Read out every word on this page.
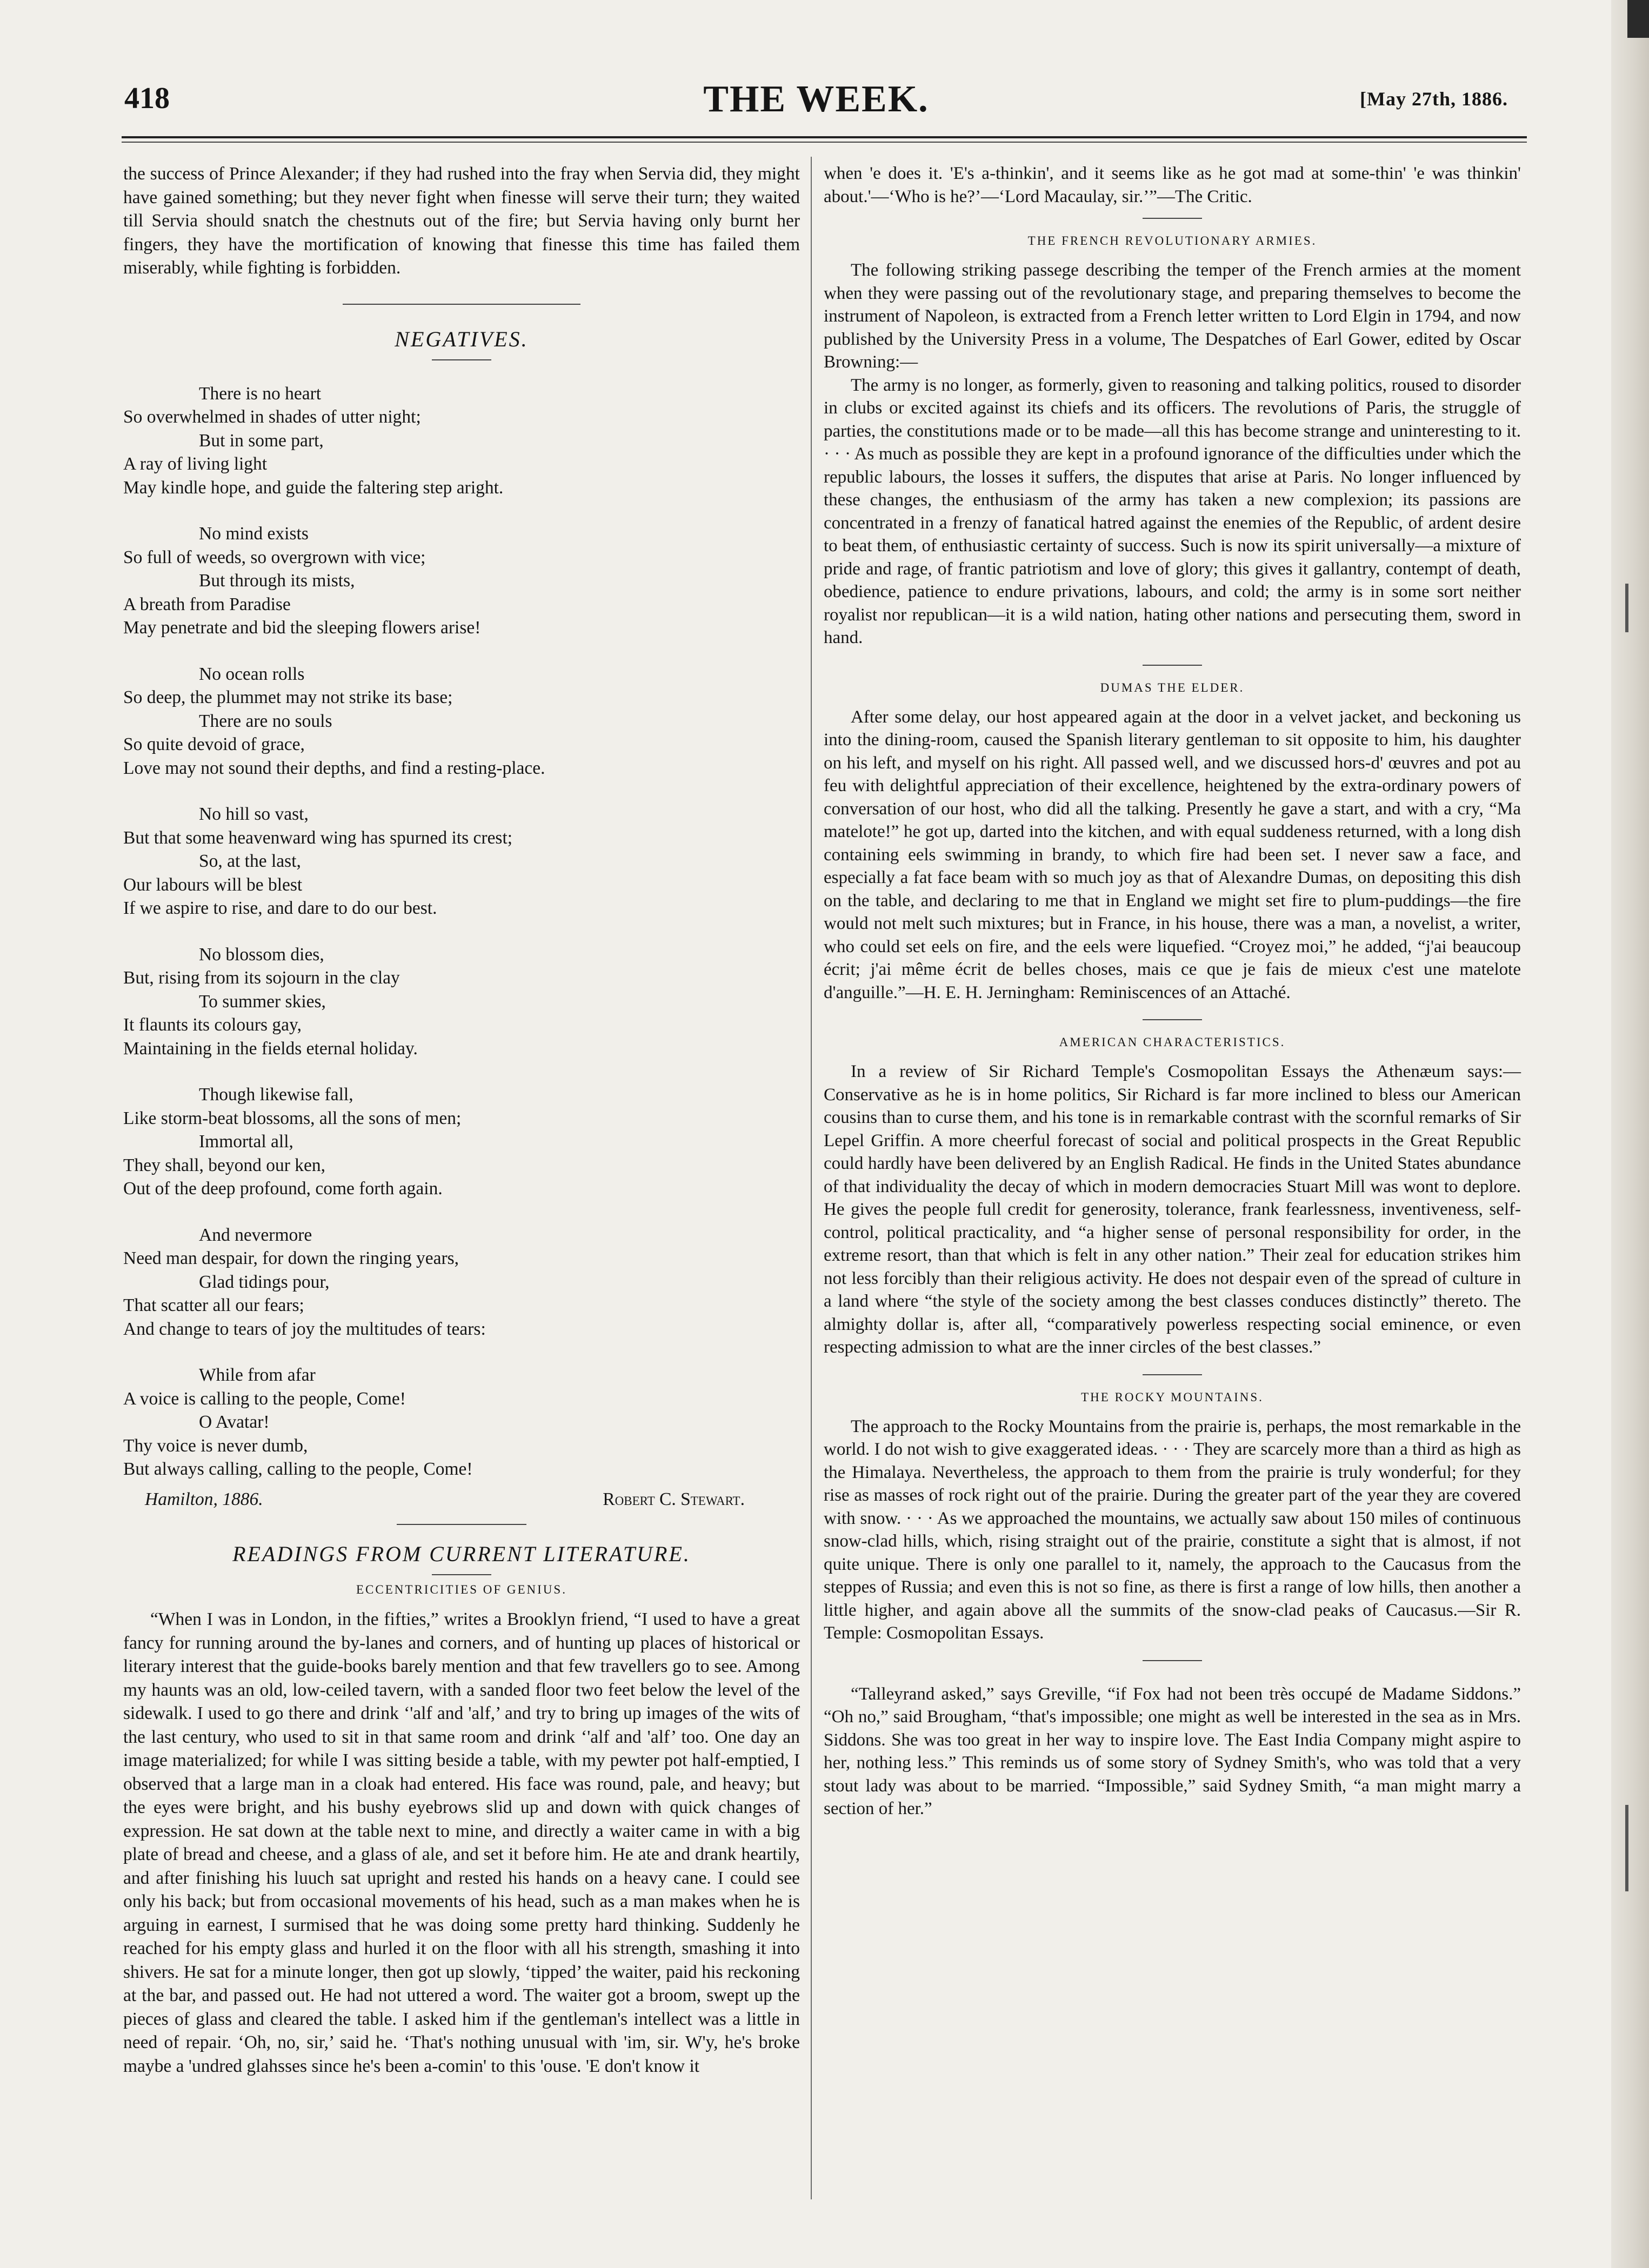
418	THE WEEK.	[May 27th, 1886.

the success of Prince Alexander; if they had rushed into the fray when Servia did, they might have gained something; but they never fight when finesse will serve their turn; they waited till Servia should snatch the chestnuts out of the fire; but Servia having only burnt her fingers, they have the mortification of knowing that finesse this time has failed them miserably, while fighting is forbidden.

NEGATIVES.
There is no heart
So overwhelmed in shades of utter night;
But in some part,
A ray of living light
May kindle hope, and guide the faltering step aright.
No mind exists
So full of weeds, so overgrown with vice;
But through its mists,
A breath from Paradise
May penetrate and bid the sleeping flowers arise!
No ocean rolls
So deep, the plummet may not strike its base;
There are no souls
So quite devoid of grace,
Love may not sound their depths, and find a resting-place.
No hill so vast,
But that some heavenward wing has spurned its crest;
So, at the last,
Our labours will be blest
If we aspire to rise, and dare to do our best.
No blossom dies,
But, rising from its sojourn in the clay
To summer skies,
It flaunts its colours gay,
Maintaining in the fields eternal holiday.
Though likewise fall,
Like storm-beat blossoms, all the sons of men;
Immortal all,
They shall, beyond our ken,
Out of the deep profound, come forth again.
And nevermore
Need man despair, for down the ringing years,
Glad tidings pour,
That scatter all our fears;
And change to tears of joy the multitudes of tears:
While from afar
A voice is calling to the people, Come!
O Avatar!
Thy voice is never dumb,
But always calling, calling to the people, Come!
Hamilton, 1886.	Robert C. Stewart.
READINGS FROM CURRENT LITERATURE.
ECCENTRICITIES OF GENIUS.

“When I was in London, in the fifties,” writes a Brooklyn friend, “I used to have a great fancy for running around the by-lanes and corners, and of hunting up places of historical or literary interest that the guide-books barely mention and that few travellers go to see. Among my haunts was an old, low-ceiled tavern, with a sanded floor two feet below the level of the sidewalk. I used to go there and drink ‘'alf and 'alf,’ and try to bring up images of the wits of the last century, who used to sit in that same room and drink ‘'alf and 'alf’ too. One day an image materialized; for while I was sitting beside a table, with my pewter pot half-emptied, I observed that a large man in a cloak had entered. His face was round, pale, and heavy; but the eyes were bright, and his bushy eyebrows slid up and down with quick changes of expression. He sat down at the table next to mine, and directly a waiter came in with a big plate of bread and cheese, and a glass of ale, and set it before him. He ate and drank heartily, and after finishing his luuch sat upright and rested his hands on a heavy cane. I could see only his back; but from occasional movements of his head, such as a man makes when he is arguing in earnest, I surmised that he was doing some pretty hard thinking. Suddenly he reached for his empty glass and hurled it on the floor with all his strength, smashing it into shivers. He sat for a minute longer, then got up slowly, ‘tipped’ the waiter, paid his reckoning at the bar, and passed out. He had not uttered a word. The waiter got a broom, swept up the pieces of glass and cleared the table. I asked him if the gentleman's intellect was a little in need of repair. ‘Oh, no, sir,’ said he. ‘That's nothing unusual with 'im, sir. W'y, he's broke maybe a 'undred glahsses since he's been a-comin' to this 'ouse. 'E don't know it

when 'e does it. 'E's a-thinkin', and it seems like as he got mad at some-thin' 'e was thinkin' about.'—‘Who is he?’—‘Lord Macaulay, sir.’”—The Critic.

THE FRENCH REVOLUTIONARY ARMIES.

The following striking passege describing the temper of the French armies at the moment when they were passing out of the revolutionary stage, and preparing themselves to become the instrument of Napoleon, is extracted from a French letter written to Lord Elgin in 1794, and now published by the University Press in a volume, The Despatches of Earl Gower, edited by Oscar Browning:—

The army is no longer, as formerly, given to reasoning and talking politics, roused to disorder in clubs or excited against its chiefs and its officers. The revolutions of Paris, the struggle of parties, the constitutions made or to be made—all this has become strange and uninteresting to it. · · · As much as possible they are kept in a profound ignorance of the difficulties under which the republic labours, the losses it suffers, the disputes that arise at Paris. No longer influenced by these changes, the enthusiasm of the army has taken a new complexion; its passions are concentrated in a frenzy of fanatical hatred against the enemies of the Republic, of ardent desire to beat them, of enthusiastic certainty of success. Such is now its spirit universally—a mixture of pride and rage, of frantic patriotism and love of glory; this gives it gallantry, contempt of death, obedience, patience to endure privations, labours, and cold; the army is in some sort neither royalist nor republican—it is a wild nation, hating other nations and persecuting them, sword in hand.

DUMAS THE ELDER.

After some delay, our host appeared again at the door in a velvet jacket, and beckoning us into the dining-room, caused the Spanish literary gentleman to sit opposite to him, his daughter on his left, and myself on his right. All passed well, and we discussed hors-d' œuvres and pot au feu with delightful appreciation of their excellence, heightened by the extra-ordinary powers of conversation of our host, who did all the talking. Presently he gave a start, and with a cry, “Ma matelote!” he got up, darted into the kitchen, and with equal suddeness returned, with a long dish containing eels swimming in brandy, to which fire had been set. I never saw a face, and especially a fat face beam with so much joy as that of Alexandre Dumas, on depositing this dish on the table, and declaring to me that in England we might set fire to plum-puddings—the fire would not melt such mixtures; but in France, in his house, there was a man, a novelist, a writer, who could set eels on fire, and the eels were liquefied. “Croyez moi,” he added, “j'ai beaucoup écrit; j'ai même écrit de belles choses, mais ce que je fais de mieux c'est une matelote d'anguille.”—H. E. H. Jerningham: Reminiscences of an Attaché.

AMERICAN CHARACTERISTICS.

In a review of Sir Richard Temple's Cosmopolitan Essays the Athenæum says:—Conservative as he is in home politics, Sir Richard is far more inclined to bless our American cousins than to curse them, and his tone is in remarkable contrast with the scornful remarks of Sir Lepel Griffin. A more cheerful forecast of social and political prospects in the Great Republic could hardly have been delivered by an English Radical. He finds in the United States abundance of that individuality the decay of which in modern democracies Stuart Mill was wont to deplore. He gives the people full credit for generosity, tolerance, frank fearlessness, inventiveness, self-control, political practicality, and “a higher sense of personal responsibility for order, in the extreme resort, than that which is felt in any other nation.” Their zeal for education strikes him not less forcibly than their religious activity. He does not despair even of the spread of culture in a land where “the style of the society among the best classes conduces distinctly” thereto. The almighty dollar is, after all, “comparatively powerless respecting social eminence, or even respecting admission to what are the inner circles of the best classes.”

THE ROCKY MOUNTAINS.

The approach to the Rocky Mountains from the prairie is, perhaps, the most remarkable in the world. I do not wish to give exaggerated ideas. · · · They are scarcely more than a third as high as the Himalaya. Nevertheless, the approach to them from the prairie is truly wonderful; for they rise as masses of rock right out of the prairie. During the greater part of the year they are covered with snow. · · · As we approached the mountains, we actually saw about 150 miles of continuous snow-clad hills, which, rising straight out of the prairie, constitute a sight that is almost, if not quite unique. There is only one parallel to it, namely, the approach to the Caucasus from the steppes of Russia; and even this is not so fine, as there is first a range of low hills, then another a little higher, and again above all the summits of the snow-clad peaks of Caucasus.—Sir R. Temple: Cosmopolitan Essays.

“Talleyrand asked,” says Greville, “if Fox had not been très occupé de Madame Siddons.” “Oh no,” said Brougham, “that's impossible; one might as well be interested in the sea as in Mrs. Siddons. She was too great in her way to inspire love. The East India Company might aspire to her, nothing less.” This reminds us of some story of Sydney Smith's, who was told that a very stout lady was about to be married. “Impossible,” said Sydney Smith, “a man might marry a section of her.”
